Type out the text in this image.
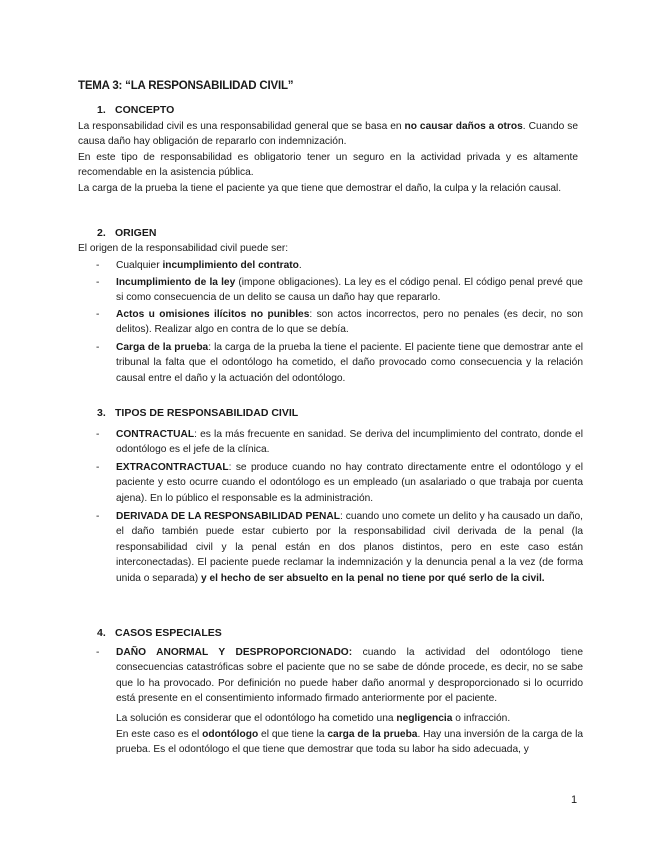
TEMA 3: “LA RESPONSABILIDAD CIVIL”
1. CONCEPTO
La responsabilidad civil es una responsabilidad general que se basa en no causar daños a otros. Cuando se causa daño hay obligación de repararlo con indemnización.
En este tipo de responsabilidad es obligatorio tener un seguro en la actividad privada y es altamente recomendable en la asistencia pública.
La carga de la prueba la tiene el paciente ya que tiene que demostrar el daño, la culpa y la relación causal.
2. ORIGEN
El origen de la responsabilidad civil puede ser:
- Cualquier incumplimiento del contrato.
- Incumplimiento de la ley (impone obligaciones). La ley es el código penal. El código penal prevé que si como consecuencia de un delito se causa un daño hay que repararlo.
- Actos u omisiones ilícitos no punibles: son actos incorrectos, pero no penales (es decir, no son delitos). Realizar algo en contra de lo que se debía.
- Carga de la prueba: la carga de la prueba la tiene el paciente. El paciente tiene que demostrar ante el tribunal la falta que el odontólogo ha cometido, el daño provocado como consecuencia y la relación causal entre el daño y la actuación del odontólogo.
3. TIPOS DE RESPONSABILIDAD CIVIL
- CONTRACTUAL: es la más frecuente en sanidad. Se deriva del incumplimiento del contrato, donde el odontólogo es el jefe de la clínica.
- EXTRACONTRACTUAL: se produce cuando no hay contrato directamente entre el odontólogo y el paciente y esto ocurre cuando el odontólogo es un empleado (un asalariado o que trabaja por cuenta ajena). En lo público el responsable es la administración.
- DERIVADA DE LA RESPONSABILIDAD PENAL: cuando uno comete un delito y ha causado un daño, el daño también puede estar cubierto por la responsabilidad civil derivada de la penal (la responsabilidad civil y la penal están en dos planos distintos, pero en este caso están interconectadas). El paciente puede reclamar la indemnización y la denuncia penal a la vez (de forma unida o separada) y el hecho de ser absuelto en la penal no tiene por qué serlo de la civil.
4. CASOS ESPECIALES
- DAÑO ANORMAL Y DESPROPORCIONADO: cuando la actividad del odontólogo tiene consecuencias catastróficas sobre el paciente que no se sabe de dónde procede, es decir, no se sabe que lo ha provocado. Por definición no puede haber daño anormal y desproporcionado si lo ocurrido está presente en el consentimiento informado firmado anteriormente por el paciente.
La solución es considerar que el odontólogo ha cometido una negligencia o infracción.
En este caso es el odontólogo el que tiene la carga de la prueba. Hay una inversión de la carga de la prueba. Es el odontólogo el que tiene que demostrar que toda su labor ha sido adecuada, y
1
